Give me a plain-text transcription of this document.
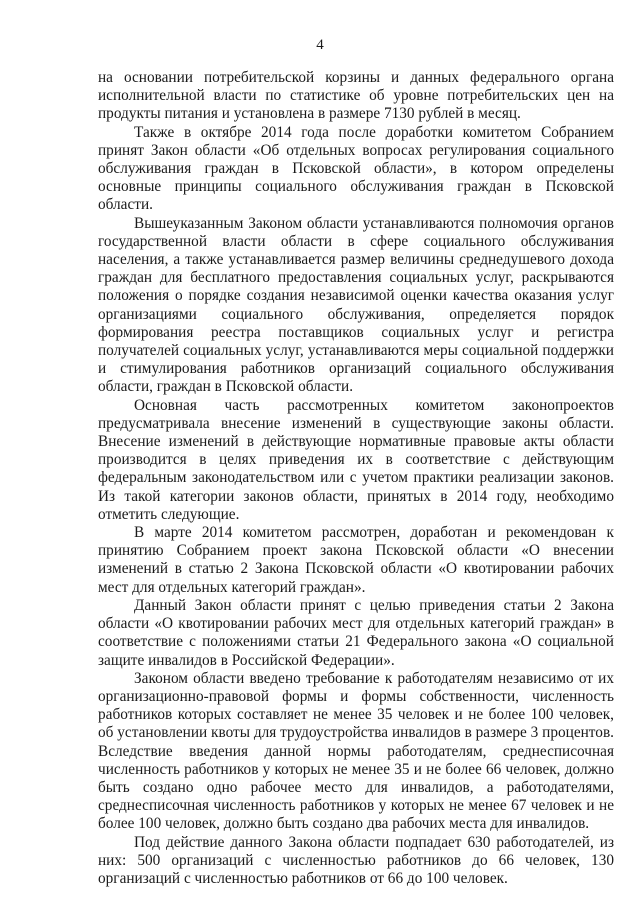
4

на основании потребительской корзины и данных федерального органа исполнительной власти по статистике об уровне потребительских цен на продукты питания и установлена в размере 7130 рублей в месяц.

Также в октябре 2014 года после доработки комитетом Собранием принят Закон области «Об отдельных вопросах регулирования социального обслуживания граждан в Псковской области», в котором определены основные принципы социального обслуживания граждан в Псковской области.

Вышеуказанным Законом области устанавливаются полномочия органов государственной власти области в сфере социального обслуживания населения, а также устанавливается размер величины среднедушевого дохода граждан для бесплатного предоставления социальных услуг, раскрываются положения о порядке создания независимой оценки качества оказания услуг организациями социального обслуживания, определяется порядок формирования реестра поставщиков социальных услуг и регистра получателей социальных услуг, устанавливаются меры социальной поддержки и стимулирования работников организаций социального обслуживания области, граждан в Псковской области.

Основная часть рассмотренных комитетом законопроектов предусматривала внесение изменений в существующие законы области. Внесение изменений в действующие нормативные правовые акты области производится в целях приведения их в соответствие с действующим федеральным законодательством или с учетом практики реализации законов. Из такой категории законов области, принятых в 2014 году, необходимо отметить следующие.

В марте 2014 комитетом рассмотрен, доработан и рекомендован к принятию Собранием проект закона Псковской области «О внесении изменений в статью 2 Закона Псковской области «О квотировании рабочих мест для отдельных категорий граждан».

Данный Закон области принят с целью приведения статьи 2 Закона области «О квотировании рабочих мест для отдельных категорий граждан» в соответствие с положениями статьи 21 Федерального закона «О социальной защите инвалидов в Российской Федерации».

Законом области введено требование к работодателям независимо от их организационно-правовой формы и формы собственности, численность работников которых составляет не менее 35 человек и не более 100 человек, об установлении квоты для трудоустройства инвалидов в размере 3 процентов. Вследствие введения данной нормы работодателям, среднесписочная численность работников у которых не менее 35 и не более 66 человек, должно быть создано одно рабочее место для инвалидов, а работодателями, среднесписочная численность работников у которых не менее 67 человек и не более 100 человек, должно быть создано два рабочих места для инвалидов.

Под действие данного Закона области подпадает 630 работодателей, из них: 500 организаций с численностью работников до 66 человек, 130 организаций с численностью работников от 66 до 100 человек.
